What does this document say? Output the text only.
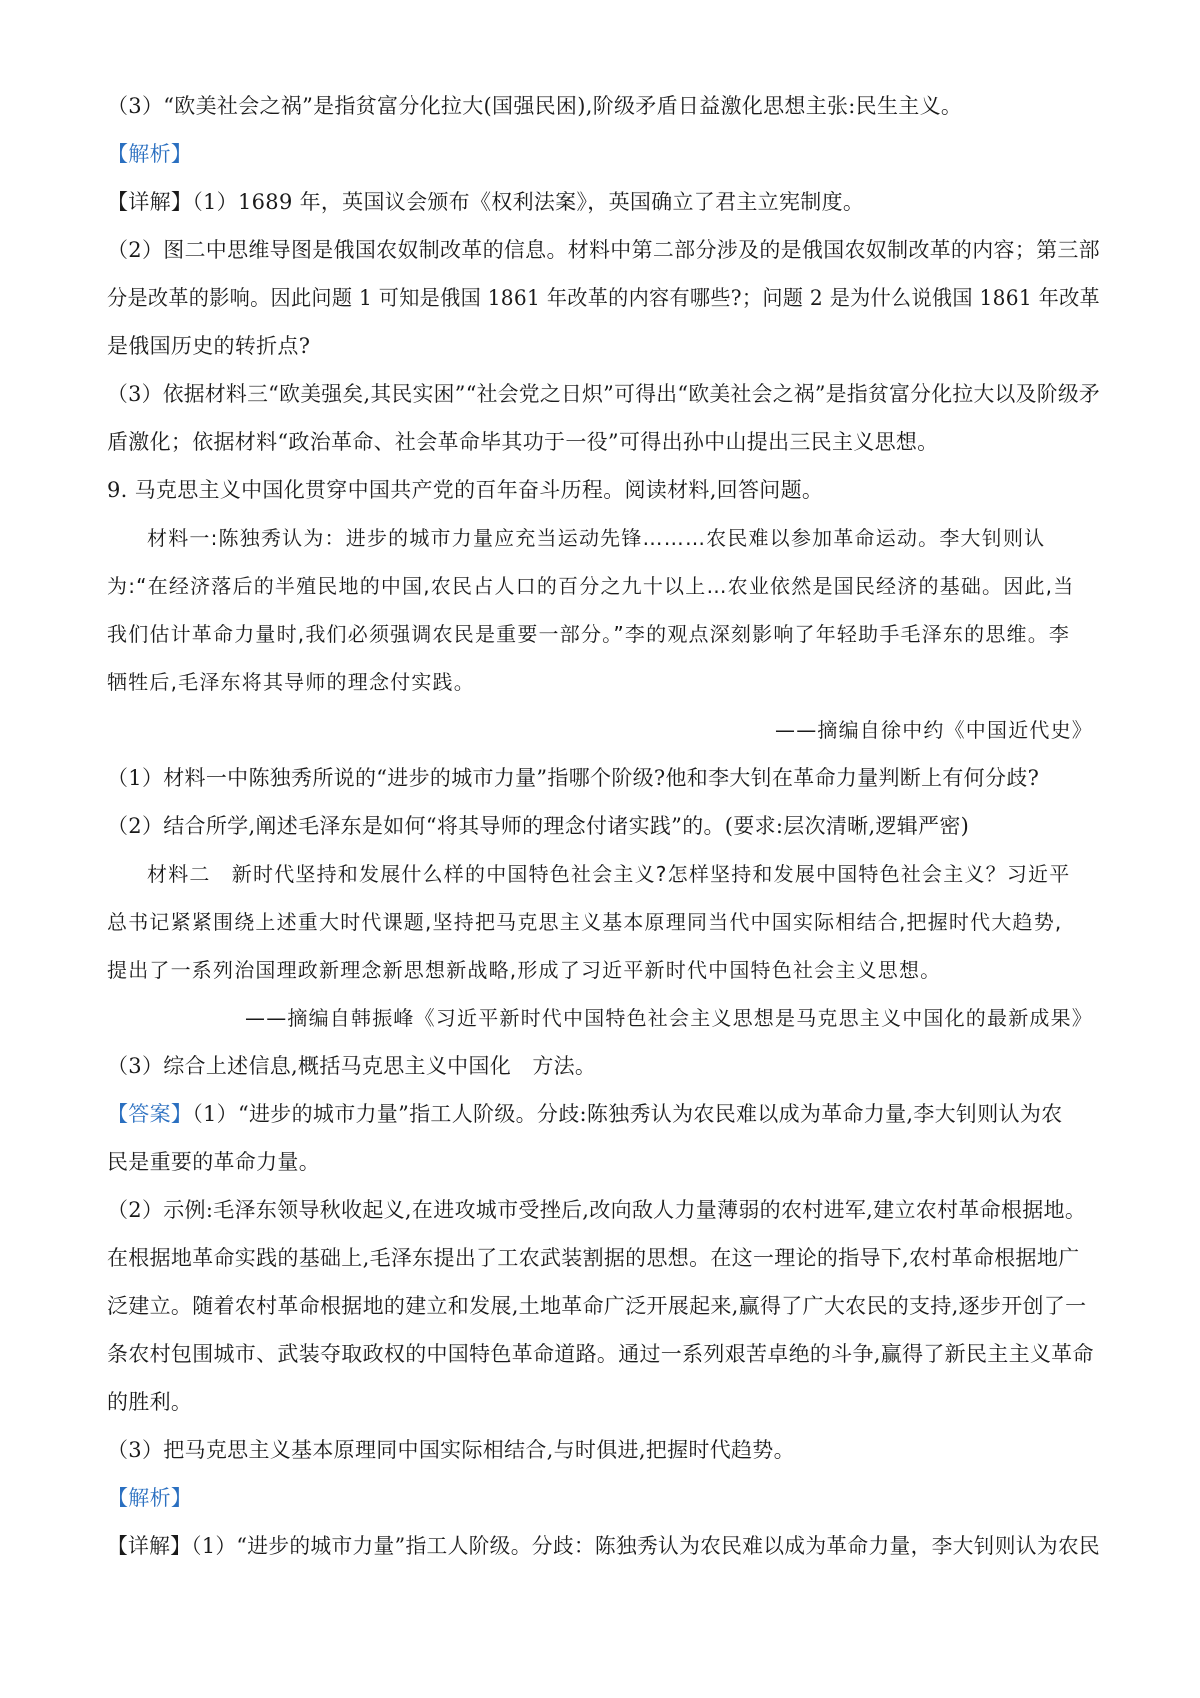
（3）“欧美社会之祸”是指贫富分化拉大(国强民困),阶级矛盾日益激化思想主张:民生主义。
【解析】
【详解】（1）1689 年，英国议会颁布《权利法案》，英国确立了君主立宪制度。
（2）图二中思维导图是俄国农奴制改革的信息。材料中第二部分涉及的是俄国农奴制改革的内容；第三部
分是改革的影响。因此问题 1 可知是俄国 1861 年改革的内容有哪些?；问题 2 是为什么说俄国 1861 年改革
是俄国历史的转折点?
（3）依据材料三“欧美强矣,其民实困”“社会党之日炽”可得出“欧美社会之祸”是指贫富分化拉大以及阶级矛
盾激化；依据材料“政治革命、社会革命毕其功于一役”可得出孙中山提出三民主义思想。
9. 马克思主义中国化贯穿中国共产党的百年奋斗历程。阅读材料,回答问题。
材料一:陈独秀认为：进步的城市力量应充当运动先锋………农民难以参加革命运动。李大钊则认
为:“在经济落后的半殖民地的中国,农民占人口的百分之九十以上…农业依然是国民经济的基础。因此,当
我们估计革命力量时,我们必须强调农民是重要一部分。”李的观点深刻影响了年轻助手毛泽东的思维。李
牺牲后,毛泽东将其导师的理念付实践。
——摘编自徐中约《中国近代史》
（1）材料一中陈独秀所说的“进步的城市力量”指哪个阶级?他和李大钊在革命力量判断上有何分歧?
（2）结合所学,阐述毛泽东是如何“将其导师的理念付诸实践”的。(要求:层次清晰,逻辑严密)
材料二　新时代坚持和发展什么样的中国特色社会主义?怎样坚持和发展中国特色社会主义？习近平
总书记紧紧围绕上述重大时代课题,坚持把马克思主义基本原理同当代中国实际相结合,把握时代大趋势,
提出了一系列治国理政新理念新思想新战略,形成了习近平新时代中国特色社会主义思想。
——摘编自韩振峰《习近平新时代中国特色社会主义思想是马克思主义中国化的最新成果》
（3）综合上述信息,概括马克思主义中国化　方法。
【答案】（1）“进步的城市力量”指工人阶级。分歧:陈独秀认为农民难以成为革命力量,李大钊则认为农
民是重要的革命力量。
（2）示例:毛泽东领导秋收起义,在进攻城市受挫后,改向敌人力量薄弱的农村进军,建立农村革命根据地。
在根据地革命实践的基础上,毛泽东提出了工农武装割据的思想。在这一理论的指导下,农村革命根据地广
泛建立。随着农村革命根据地的建立和发展,土地革命广泛开展起来,赢得了广大农民的支持,逐步开创了一
条农村包围城市、武装夺取政权的中国特色革命道路。通过一系列艰苦卓绝的斗争,赢得了新民主主义革命
的胜利。
（3）把马克思主义基本原理同中国实际相结合,与时俱进,把握时代趋势。
【解析】
【详解】（1）“进步的城市力量”指工人阶级。分歧：陈独秀认为农民难以成为革命力量，李大钊则认为农民
